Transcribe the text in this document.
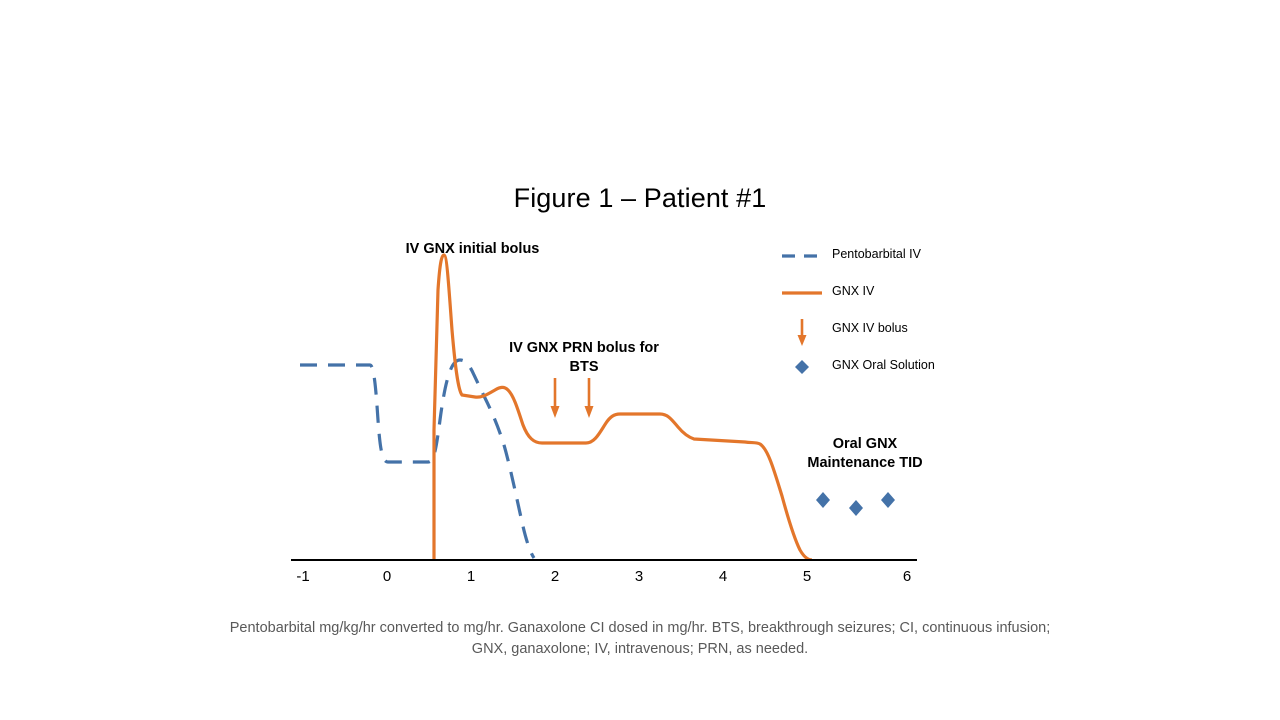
Figure 1 – Patient #1
-1	0	1	2	3	4	5	6
IV GNX initial bolus
IV GNX PRN bolus for BTS
Oral GNX Maintenance TID
Pentobarbital IV
GNX IV
GNX IV bolus
GNX Oral Solution
Pentobarbital mg/kg/hr converted to mg/hr. Ganaxolone CI dosed in mg/hr. BTS, breakthrough seizures; CI, continuous infusion; GNX, ganaxolone; IV, intravenous; PRN, as needed.
